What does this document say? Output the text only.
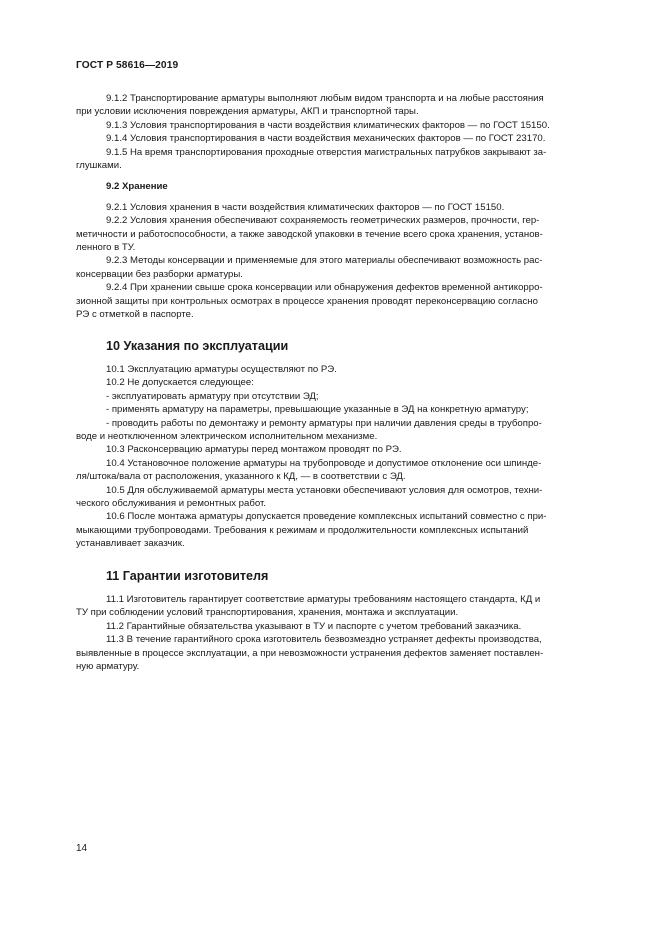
ГОСТ Р 58616—2019

9.1.2 Транспортирование арматуры выполняют любым видом транспорта и на любые расстояния
при условии исключения повреждения арматуры, АКП и транспортной тары.

9.1.3 Условия транспортирования в части воздействия климатических факторов — по ГОСТ 15150.

9.1.4 Условия транспортирования в части воздействия механических факторов — по ГОСТ 23170.

9.1.5 На время транспортирования проходные отверстия магистральных патрубков закрывают за-
глушками.

9.2 Хранение

9.2.1 Условия хранения в части воздействия климатических факторов — по ГОСТ 15150.

9.2.2 Условия хранения обеспечивают сохраняемость геометрических размеров, прочности, гер-
метичности и работоспособности, а также заводской упаковки в течение всего срока хранения, установ-
ленного в ТУ.

9.2.3 Методы консервации и применяемые для этого материалы обеспечивают возможность рас-
консервации без разборки арматуры.

9.2.4 При хранении свыше срока консервации или обнаружения дефектов временной антикорро-
зионной защиты при контрольных осмотрах в процессе хранения проводят переконсервацию согласно
РЭ с отметкой в паспорте.

10 Указания по эксплуатации

10.1 Эксплуатацию арматуры осуществляют по РЭ.

10.2 Не допускается следующее:

- эксплуатировать арматуру при отсутствии ЭД;

- применять арматуру на параметры, превышающие указанные в ЭД на конкретную арматуру;

- проводить работы по демонтажу и ремонту арматуры при наличии давления среды в трубопро-
воде и неотключенном электрическом исполнительном механизме.

10.3 Расконсервацию арматуры перед монтажом проводят по РЭ.

10.4 Установочное положение арматуры на трубопроводе и допустимое отклонение оси шпинде-
ля/штока/вала от расположения, указанного к КД, — в соответствии с ЭД.

10.5 Для обслуживаемой арматуры места установки обеспечивают условия для осмотров, техни-
ческого обслуживания и ремонтных работ.

10.6 После монтажа арматуры допускается проведение комплексных испытаний совместно с при-
мыкающими трубопроводами. Требования к режимам и продолжительности комплексных испытаний
устанавливает заказчик.

11 Гарантии изготовителя

11.1 Изготовитель гарантирует соответствие арматуры требованиям настоящего стандарта, КД и
ТУ при соблюдении условий транспортирования, хранения, монтажа и эксплуатации.

11.2 Гарантийные обязательства указывают в ТУ и паспорте с учетом требований заказчика.

11.3 В течение гарантийного срока изготовитель безвозмездно устраняет дефекты производства,
выявленные в процессе эксплуатации, а при невозможности устранения дефектов заменяет поставлен-
ную арматуру.

14
